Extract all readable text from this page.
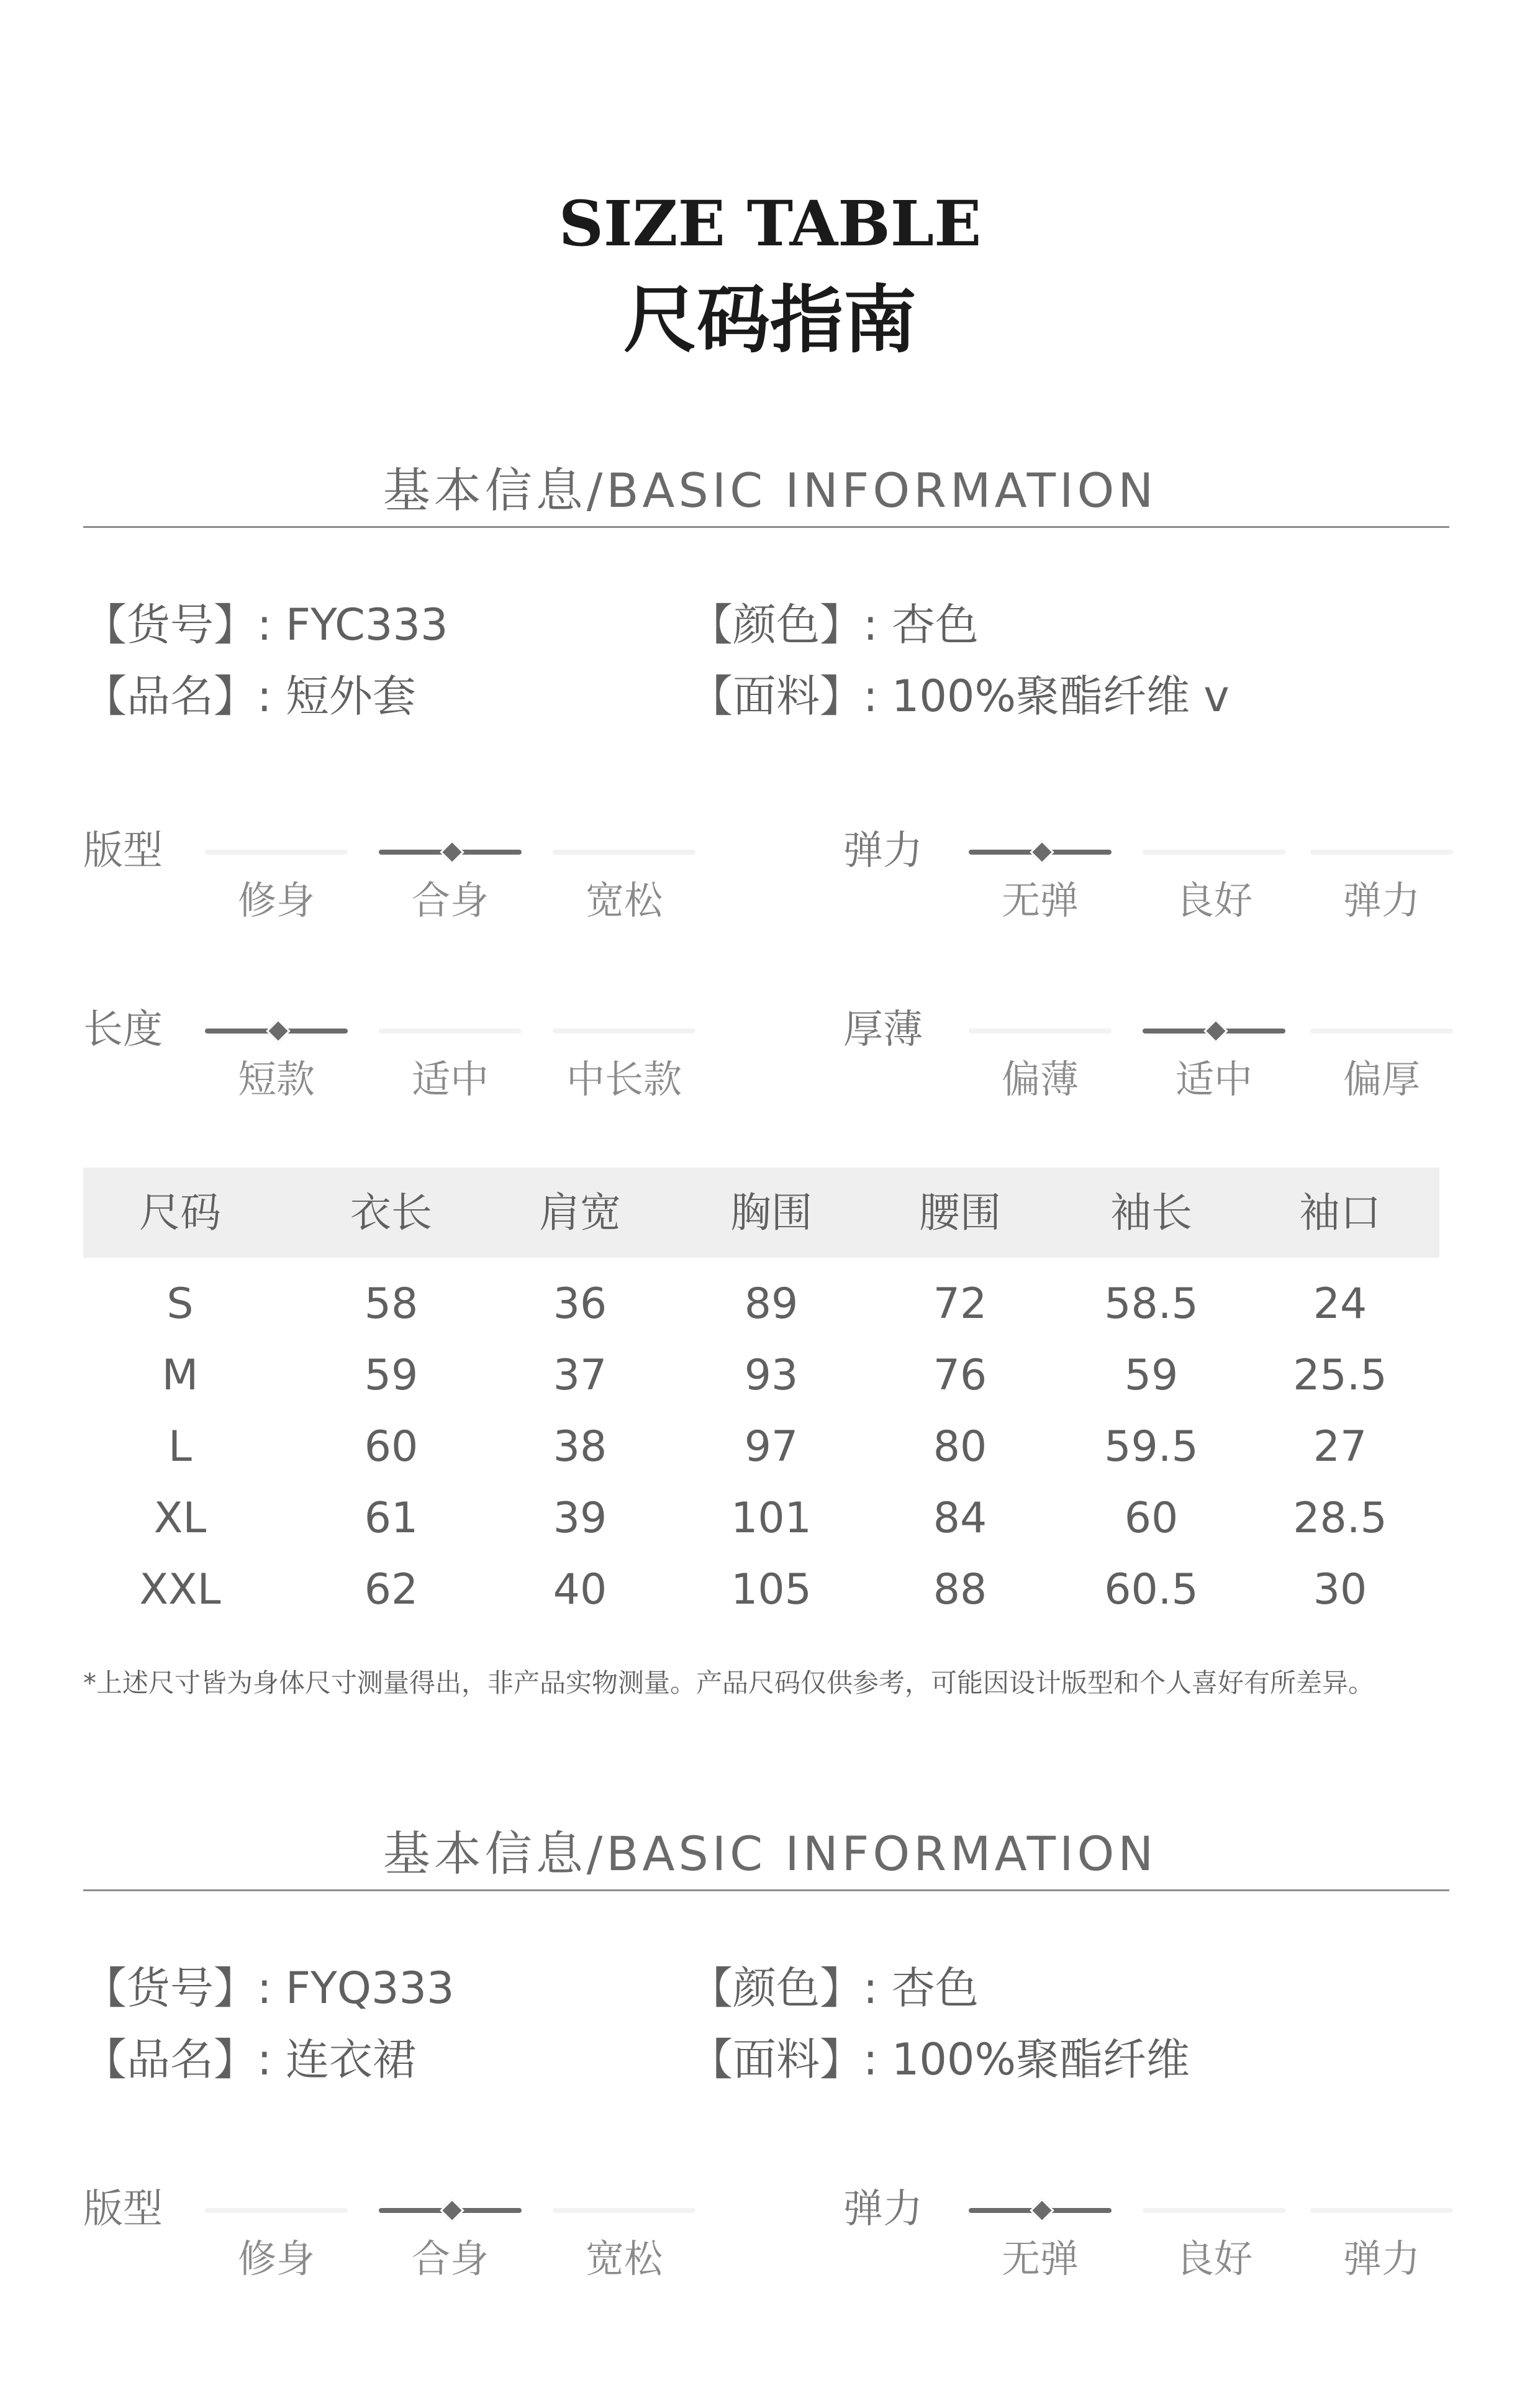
SIZE TABLE
尺码指南
基本信息/BASIC INFORMATION
【货号】: FYC333	【颜色】: 杏色
【品名】: 短外套	【面料】: 100%聚酯纤维 v
版型
修身	合身	宽松
弹力
无弹	良好	弹力
长度
短款	适中	中长款
厚薄
偏薄	适中	偏厚
尺码	衣长	肩宽	胸围	腰围	袖长	袖口
S	58	36	89	72	58.5	24
M	59	37	93	76	59	25.5
L	60	38	97	80	59.5	27
XL	61	39	101	84	60	28.5
XXL	62	40	105	88	60.5	30
*上述尺寸皆为身体尺寸测量得出，非产品实物测量。产品尺码仅供参考，可能因设计版型和个人喜好有所差异。
基本信息/BASIC INFORMATION
【货号】: FYQ333	【颜色】: 杏色
【品名】: 连衣裙	【面料】: 100%聚酯纤维
版型
修身	合身	宽松
弹力
无弹	良好	弹力
